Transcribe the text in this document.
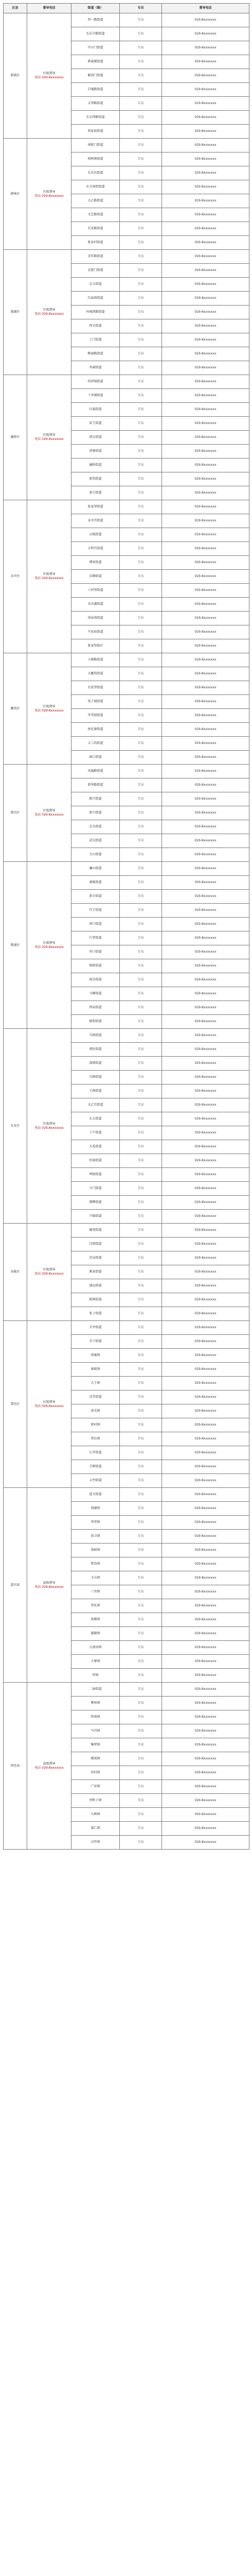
区县	督导电话	街道（镇）	专员	督导电话
新城区	区级督导
电话 029-8xxxxxxx	西一路街道	专员	029-8xxxxxxx
		长乐中路街道	专员	029-8xxxxxxx
		中山门街道	专员	029-8xxxxxxx
		韩森寨街道	专员	029-8xxxxxxx
		解放门街道	专员	029-8xxxxxxx
		自强路街道	专员	029-8xxxxxxx
		太华路街道	专员	029-8xxxxxxx
		长乐西路街道	专员	029-8xxxxxxx
		胡家庙街道	专员	029-8xxxxxxx
碑林区	区级督导
电话 029-8xxxxxxx	南院门街道	专员	029-8xxxxxxx
		柏树林街道	专员	029-8xxxxxxx
		长乐坊街道	专员	029-8xxxxxxx
		东关南街街道	专员	029-8xxxxxxx
		太乙路街道	专员	029-8xxxxxxx
		文艺路街道	专员	029-8xxxxxxx
		长安路街道	专员	029-8xxxxxxx
		张家村街道	专员	029-8xxxxxxx
莲湖区	区级督导
电话 029-8xxxxxxx	青年路街道	专员	029-8xxxxxxx
		北院门街道	专员	029-8xxxxxxx
		北关街道	专员	029-8xxxxxxx
		红庙坡街道	专员	029-8xxxxxxx
		环城西路街道	专员	029-8xxxxxxx
		西关街道	专员	029-8xxxxxxx
		土门街道	专员	029-8xxxxxxx
		桃园路街道	专员	029-8xxxxxxx
		枣园街道	专员	029-8xxxxxxx
灞桥区	区级督导
电话 029-8xxxxxxx	纺织城街道	专员	029-8xxxxxxx
		十里铺街道	专员	029-8xxxxxxx
		红旗街道	专员	029-8xxxxxxx
		席王街道	专员	029-8xxxxxxx
		洪庆街道	专员	029-8xxxxxxx
		狄寨街道	专员	029-8xxxxxxx
		灞桥街道	专员	029-8xxxxxxx
		新筑街道	专员	029-8xxxxxxx
		新合街道	专员	029-8xxxxxxx
未央区	区级督导
电话 029-8xxxxxxx	张家堡街道	专员	029-8xxxxxxx
		未央宫街道	专员	029-8xxxxxxx
		汉城街道	专员	029-8xxxxxxx
		大明宫街道	专员	029-8xxxxxxx
		谭家街道	专员	029-8xxxxxxx
		草滩街道	专员	029-8xxxxxxx
		六村堡街道	专员	029-8xxxxxxx
		未央湖街道	专员	029-8xxxxxxx
		徐家湾街道	专员	029-8xxxxxxx
		辛家庙街道	专员	029-8xxxxxxx
		张家堡新区	专员	029-8xxxxxxx
雁塔区	区级督导
电话 029-8xxxxxxx	小寨路街道	专员	029-8xxxxxxx
		大雁塔街道	专员	029-8xxxxxxx
		长延堡街道	专员	029-8xxxxxxx
		电子城街道	专员	029-8xxxxxxx
		等驾坡街道	专员	029-8xxxxxxx
		鱼化寨街道	专员	029-8xxxxxxx
		丈八沟街道	专员	029-8xxxxxxx
		曲江街道	专员	029-8xxxxxxx
阎良区	区级督导
电话 029-8xxxxxxx	凤凰路街道	专员	029-8xxxxxxx
		新华路街道	专员	029-8xxxxxxx
		振兴街道	专员	029-8xxxxxxx
		新兴街道	专员	029-8xxxxxxx
		北屯街道	专员	029-8xxxxxxx
		武屯街道	专员	029-8xxxxxxx
		关山街道	专员	029-8xxxxxxx
临潼区	区级督导
电话 029-8xxxxxxx	骊山街道	专员	029-8xxxxxxx
		秦陵街道	专员	029-8xxxxxxx
		新丰街道	专员	029-8xxxxxxx
		代王街道	专员	029-8xxxxxxx
		斜口街道	专员	029-8xxxxxxx
		行者街道	专员	029-8xxxxxxx
		零口街道	专员	029-8xxxxxxx
		相桥街道	专员	029-8xxxxxxx
		雨金街道	专员	029-8xxxxxxx
		马额街道	专员	029-8xxxxxxx
		西泉街道	专员	029-8xxxxxxx
		栎阳街道	专员	029-8xxxxxxx
长安区	区级督导
电话 029-8xxxxxxx	韦曲街道	专员	029-8xxxxxxx
		郭杜街道	专员	029-8xxxxxxx
		滦镇街道	专员	029-8xxxxxxx
		引镇街道	专员	029-8xxxxxxx
		王曲街道	专员	029-8xxxxxxx
		太乙宫街道	专员	029-8xxxxxxx
		东大街道	专员	029-8xxxxxxx
		子午街道	专员	029-8xxxxxxx
		大兆街道	专员	029-8xxxxxxx
		杜曲街道	专员	029-8xxxxxxx
		鸣犊街道	专员	029-8xxxxxxx
		斗门街道	专员	029-8xxxxxxx
		细柳街道	专员	029-8xxxxxxx
		兴隆街道	专员	029-8xxxxxxx
高陵区	区级督导
电话 029-8xxxxxxx	鹿苑街道	专员	029-8xxxxxxx
		泾渭街道	专员	029-8xxxxxxx
		崇皇街道	专员	029-8xxxxxxx
		姬家街道	专员	029-8xxxxxxx
		通远街道	专员	029-8xxxxxxx
		耿镇街道	专员	029-8xxxxxxx
		张卜街道	专员	029-8xxxxxxx
鄠邑区	区级督导
电话 029-8xxxxxxx	甘亭街道	专员	029-8xxxxxxx
		余下街道	专员	029-8xxxxxxx
		祖庵镇	专员	029-8xxxxxxx
		秦渡镇	专员	029-8xxxxxxx
		大王镇	专员	029-8xxxxxxx
		草堂街道	专员	029-8xxxxxxx
		庞光镇	专员	029-8xxxxxxx
		蒋村镇	专员	029-8xxxxxxx
		涝店镇	专员	029-8xxxxxxx
		石井街道	专员	029-8xxxxxxx
		玉蝉街道	专员	029-8xxxxxxx
		五竹街道	专员	029-8xxxxxxx
蓝田县	县级督导
电话 029-8xxxxxxx	蓝关街道	专员	029-8xxxxxxx
		洩湖镇	专员	029-8xxxxxxx
		华胥镇	专员	029-8xxxxxxx
		前卫镇	专员	029-8xxxxxxx
		汤峪镇	专员	029-8xxxxxxx
		焦岱镇	专员	029-8xxxxxxx
		玉山镇	专员	029-8xxxxxxx
		三里镇	专员	029-8xxxxxxx
		普化镇	专员	029-8xxxxxxx
		葛牌镇	专员	029-8xxxxxxx
		灞源镇	专员	029-8xxxxxxx
		九间房镇	专员	029-8xxxxxxx
		小寨镇	专员	029-8xxxxxxx
		厚镇	专员	029-8xxxxxxx
周至县	县级督导
电话 029-8xxxxxxx	二曲街道	专员	029-8xxxxxxx
		哑柏镇	专员	029-8xxxxxxx
		终南镇	专员	029-8xxxxxxx
		马召镇	专员	029-8xxxxxxx
		集贤镇	专员	029-8xxxxxxx
		楼观镇	专员	029-8xxxxxxx
		尚村镇	专员	029-8xxxxxxx
		广济镇	专员	029-8xxxxxxx
		厚畛子镇	专员	029-8xxxxxxx
		九峰镇	专员	029-8xxxxxxx
		富仁镇	专员	029-8xxxxxxx
		司竹镇	专员	029-8xxxxxxx
